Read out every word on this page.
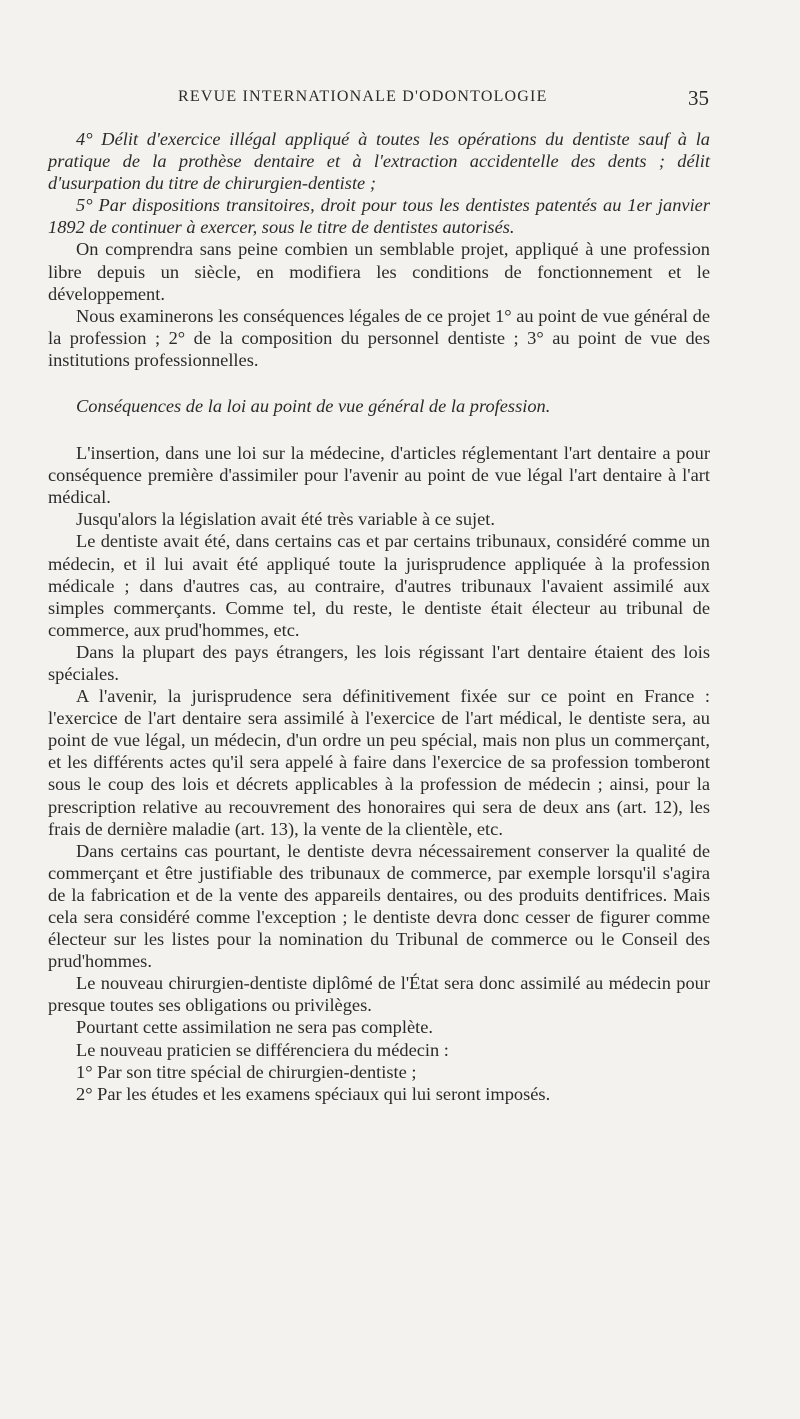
REVUE INTERNATIONALE D'ODONTOLOGIE	35

4° Délit d'exercice illégal appliqué à toutes les opérations du dentiste sauf à la pratique de la prothèse dentaire et à l'extraction accidentelle des dents ; délit d'usurpation du titre de chirurgien-dentiste ;

5° Par dispositions transitoires, droit pour tous les dentistes patentés au 1er janvier 1892 de continuer à exercer, sous le titre de dentistes autorisés.

On comprendra sans peine combien un semblable projet, appliqué à une profession libre depuis un siècle, en modifiera les conditions de fonctionnement et le développement.

Nous examinerons les conséquences légales de ce projet 1° au point de vue général de la profession ; 2° de la composition du personnel dentiste ; 3° au point de vue des institutions professionnelles.

Conséquences de la loi au point de vue général de la profession.

L'insertion, dans une loi sur la médecine, d'articles réglementant l'art dentaire a pour conséquence première d'assimiler pour l'avenir au point de vue légal l'art dentaire à l'art médical.

Jusqu'alors la législation avait été très variable à ce sujet.

Le dentiste avait été, dans certains cas et par certains tribunaux, considéré comme un médecin, et il lui avait été appliqué toute la jurisprudence appliquée à la profession médicale ; dans d'autres cas, au contraire, d'autres tribunaux l'avaient assimilé aux simples commerçants. Comme tel, du reste, le dentiste était électeur au tribunal de commerce, aux prud'hommes, etc.

Dans la plupart des pays étrangers, les lois régissant l'art dentaire étaient des lois spéciales.

A l'avenir, la jurisprudence sera définitivement fixée sur ce point en France : l'exercice de l'art dentaire sera assimilé à l'exercice de l'art médical, le dentiste sera, au point de vue légal, un médecin, d'un ordre un peu spécial, mais non plus un commerçant, et les différents actes qu'il sera appelé à faire dans l'exercice de sa profession tomberont sous le coup des lois et décrets applicables à la profession de médecin ; ainsi, pour la prescription relative au recouvrement des honoraires qui sera de deux ans (art. 12), les frais de dernière maladie (art. 13), la vente de la clientèle, etc.

Dans certains cas pourtant, le dentiste devra nécessairement conserver la qualité de commerçant et être justifiable des tribunaux de commerce, par exemple lorsqu'il s'agira de la fabrication et de la vente des appareils dentaires, ou des produits dentifrices. Mais cela sera considéré comme l'exception ; le dentiste devra donc cesser de figurer comme électeur sur les listes pour la nomination du Tribunal de commerce ou le Conseil des prud'hommes.

Le nouveau chirurgien-dentiste diplômé de l'État sera donc assimilé au médecin pour presque toutes ses obligations ou privilèges.

Pourtant cette assimilation ne sera pas complète.

Le nouveau praticien se différenciera du médecin :

1° Par son titre spécial de chirurgien-dentiste ;

2° Par les études et les examens spéciaux qui lui seront imposés.
